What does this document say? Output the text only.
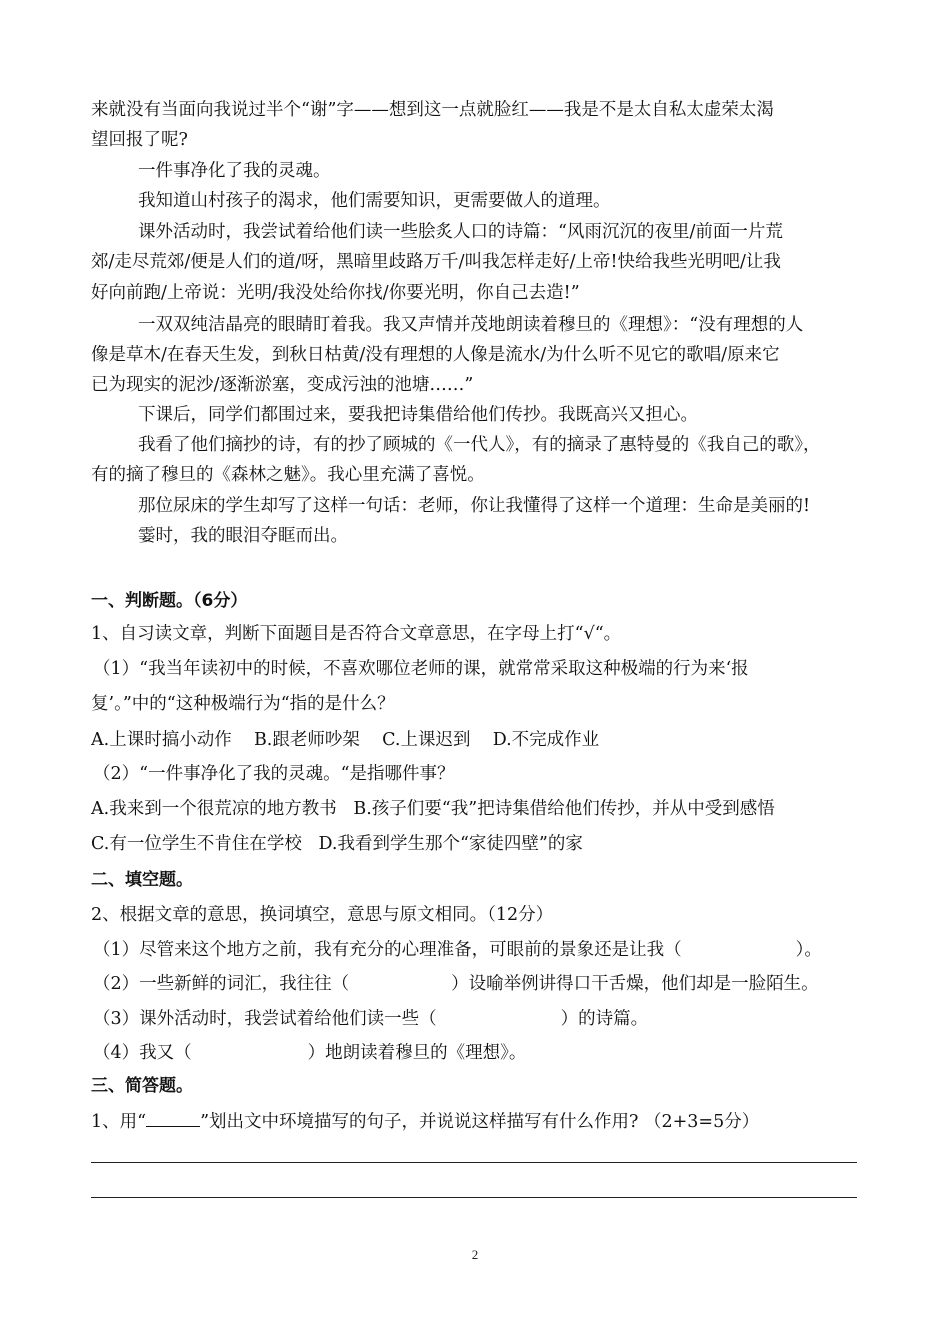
来就没有当面向我说过半个“谢”字——想到这一点就脸红——我是不是太自私太虚荣太渴
望回报了呢?
一件事净化了我的灵魂。
我知道山村孩子的渴求，他们需要知识，更需要做人的道理。
课外活动时，我尝试着给他们读一些脍炙人口的诗篇：“风雨沉沉的夜里/前面一片荒
郊/走尽荒郊/便是人们的道/呀，黑暗里歧路万千/叫我怎样走好/上帝!快给我些光明吧/让我
好向前跑/上帝说：光明/我没处给你找/你要光明，你自己去造!”
一双双纯洁晶亮的眼睛盯着我。我又声情并茂地朗读着穆旦的《理想》：“没有理想的人
像是草木/在春天生发，到秋日枯黄/没有理想的人像是流水/为什么听不见它的歌唱/原来它
已为现实的泥沙/逐渐淤塞，变成污浊的池塘……”
下课后，同学们都围过来，要我把诗集借给他们传抄。我既高兴又担心。
我看了他们摘抄的诗，有的抄了顾城的《一代人》，有的摘录了惠特曼的《我自己的歌》，
有的摘了穆旦的《森林之魅》。我心里充满了喜悦。
那位尿床的学生却写了这样一句话：老师，你让我懂得了这样一个道理：生命是美丽的!
霎时，我的眼泪夺眶而出。
一、判断题。（6分）
1、自习读文章，判断下面题目是否符合文章意思，在字母上打“√“。
（1）“我当年读初中的时候，不喜欢哪位老师的课，就常常采取这种极端的行为来‘报
复’。”中的“这种极端行为“指的是什么？
A.上课时搞小动作    B.跟老师吵架    C.上课迟到    D.不完成作业
（2）“一件事净化了我的灵魂。“是指哪件事？
A.我来到一个很荒凉的地方教书   B.孩子们要“我”把诗集借给他们传抄，并从中受到感悟
C.有一位学生不肯住在学校   D.我看到学生那个“家徒四壁”的家
二、填空题。
2、根据文章的意思，换词填空，意思与原文相同。（12分）
（1）尽管来这个地方之前，我有充分的心理准备，可眼前的景象还是让我（	）。
（2）一些新鲜的词汇，我往往（	）设喻举例讲得口干舌燥，他们却是一脸陌生。
（3）课外活动时，我尝试着给他们读一些（	）的诗篇。
（4）我又（	）地朗读着穆旦的《理想》。
三、简答题。
1、用“	”划出文中环境描写的句子，并说说这样描写有什么作用? （2+3=5分）
2
